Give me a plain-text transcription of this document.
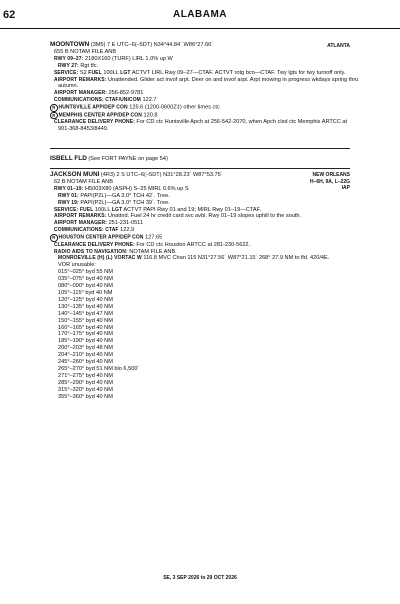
62	ALABAMA
ATLANTA
MOONTOWN (3M5) 7 E UTC–6(–5DT) N34°44.84´ W86°27.66´
655 B NOTAM FILE ANB
RWY 09–27: 2180X160 (TURF) LIRL 1.0% up W
RWY 27: Rgt tfc.
SERVICE: S2 FUEL 100LL LGT ACTVT LIRL Rwy 09–27—CTAF. ACTVT rotg bcn—CTAF. Twy lgts for twy turnoff only.
AIRPORT REMARKS: Unattended. Glider act invof arpt. Deer on and invof arpt. Arpt mowing in progress wkdays spring thru
autumn.
AIRPORT MANAGER: 256-852-9781
COMMUNICATIONS: CTAF/UNICOM 122.7
R HUNTSVILLE APP/DEP CON 125.6 (1200-0600Z‡) other times ctc
R MEMPHIS CENTER APP/DEP CON 120.8
CLEARANCE DELIVERY PHONE: For CD ctc Huntsville Apch at 256-542-2070, when Apch clsd ctc Memphis ARTCC at
901-368-8453/8449.
ISBELL FLD (See FORT PAYNE on page 54)
NEW ORLEANS
H–6H, 9A, L–22G
IAP
JACKSON MUNI (4R3) 2 S UTC–6(–5DT) N31°28.23´ W87°53.75´
62 B NOTAM FILE ANB
RWY 01–19: H5003X80 (ASPH) S–25 MIRL 0.6% up S
RWY 01: PAPI(P2L)—GA 3.0° TCH 42´. Tree.
RWY 19: PAPI(P2L)—GA 3.0° TCH 39´. Tree.
SERVICE: FUEL 100LL LGT ACTVT PAPI Rwy 01 and 19; MIRL Rwy 01–19—CTAF.
AIRPORT REMARKS: Unattnd. Fuel 24 hr credit card svc avbl. Rwy 01–19 slopes uphill to the south.
AIRPORT MANAGER: 251-231-0511
COMMUNICATIONS: CTAF 122.9
R HOUSTON CENTER APP/DEP CON 127.65
CLEARANCE DELIVERY PHONE: For CD ctc Houston ARTCC at 281-230-5622.
RADIO AIDS TO NAVIGATION: NOTAM FILE ANB.
MONROEVILLE (H) (L) VORTAC W 116.8 MVC Chan 115 N31°27.56´ W87°21.15´ 268° 27.9 NM to fld. 420/4E.
VOR unusable:
015°–025° byd 55 NM
035°–075° byd 40 NM
080°–090° byd 40 NM
105°–115° byd 40 NM
120°–125° byd 40 NM
130°–135° byd 40 NM
140°–145° byd 47 NM
150°–155° byd 40 NM
160°–165° byd 40 NM
170°–175° byd 40 NM
185°–190° byd 40 NM
200°–203° byd 48 NM
204°–210° byd 40 NM
245°–260° byd 40 NM
265°–270° byd 51 NM blo 6,500´
271°–275° byd 40 NM
285°–290° byd 40 NM
315°–320° byd 40 NM
355°–360° byd 40 NM
SE, 3 SEP 2026 to 29 OCT 2026
